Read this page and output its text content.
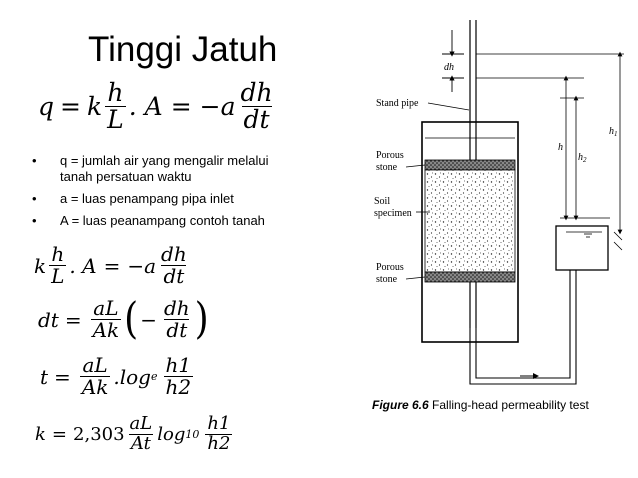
Tinggi Jatuh
q = k $\frac{h}{L}$ . $A = -a \frac{dh}{dt}$
• q = jumlah air yang mengalir melalui
tanah persatuan waktu
• a = luas penampang pipa inlet
• A = luas peanampang contoh tanah
k $\frac{h}{L}$ . $A = -a \frac{dh}{dt}$
dt = $\frac{aL}{Ak}$ ( − $\frac{dh}{dt}$ )
$t = \frac{aL}{Ak} .\log$ e $\frac{h1}{h2}$
$k = 2,303 \frac{aL}{At}$ $\log 10 \frac{h1}{h2}$
dh
Stand pipe
Porous
stone
Soil
specimen
Porous
stone
h
$h_1$
$h_2$
Figure 6.6 Falling-head permeability test
